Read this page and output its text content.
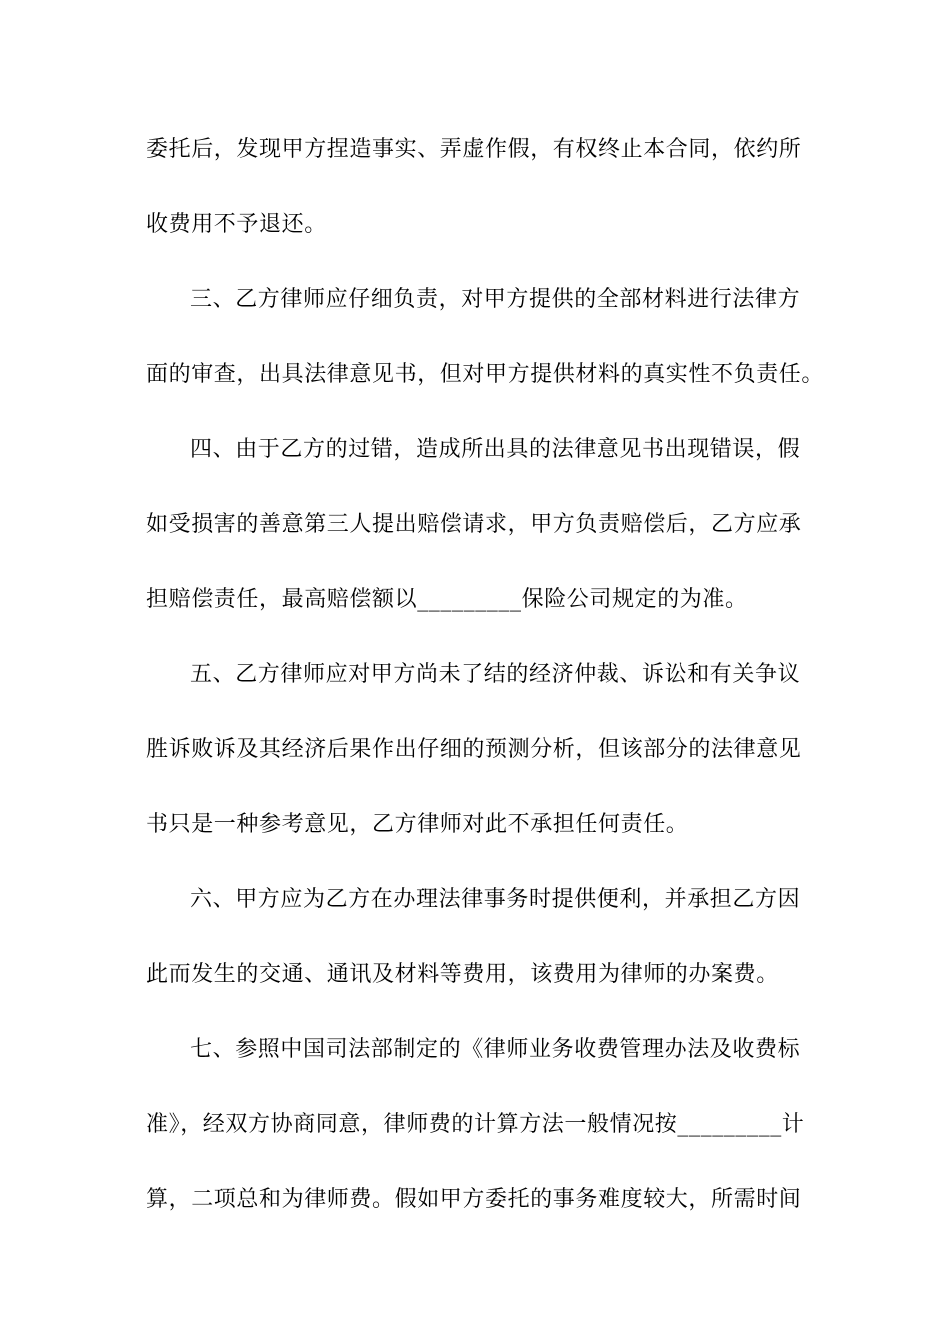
委托后，发现甲方捏造事实、弄虚作假，有权终止本合同，依约所
收费用不予退还。
三、乙方律师应仔细负责，对甲方提供的全部材料进行法律方
面的审查，出具法律意见书，但对甲方提供材料的真实性不负责任。
四、由于乙方的过错，造成所出具的法律意见书出现错误，假
如受损害的善意第三人提出赔偿请求，甲方负责赔偿后，乙方应承
担赔偿责任，最高赔偿额以_________保险公司规定的为准。
五、乙方律师应对甲方尚未了结的经济仲裁、诉讼和有关争议
胜诉败诉及其经济后果作出仔细的预测分析，但该部分的法律意见
书只是一种参考意见，乙方律师对此不承担任何责任。
六、甲方应为乙方在办理法律事务时提供便利，并承担乙方因
此而发生的交通、通讯及材料等费用，该费用为律师的办案费。
七、参照中国司法部制定的《律师业务收费管理办法及收费标
准》，经双方协商同意，律师费的计算方法一般情况按_________计
算，二项总和为律师费。假如甲方委托的事务难度较大，所需时间
